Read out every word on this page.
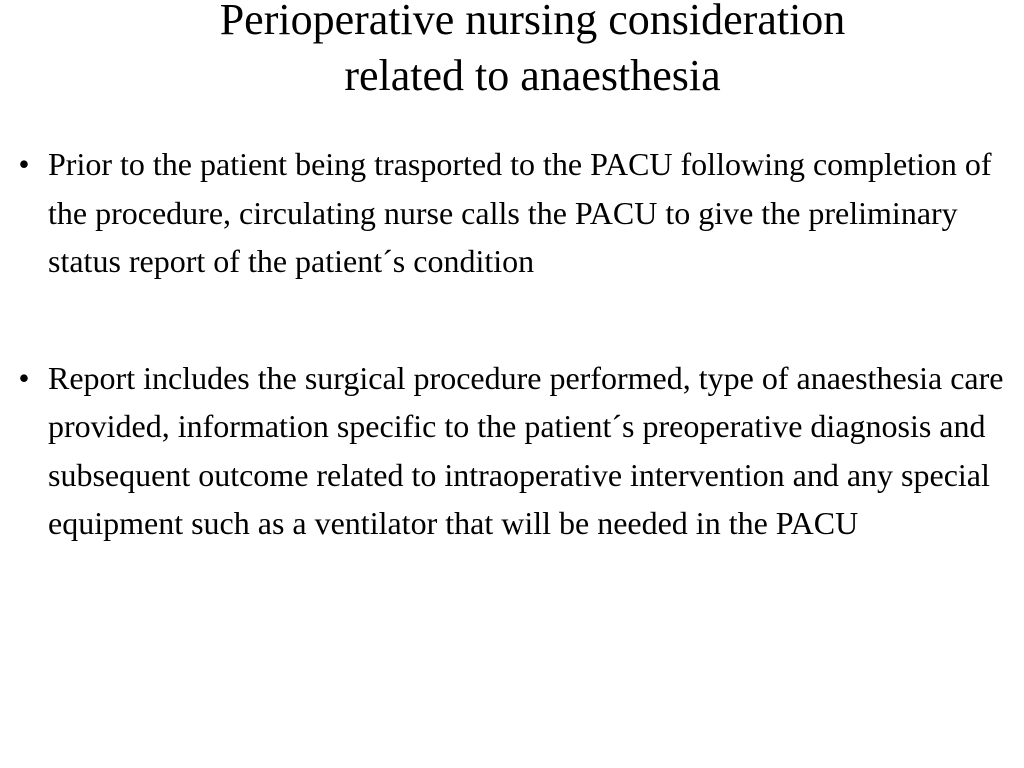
Perioperative nursing consideration
related to anaesthesia
• Prior to the patient being trasported to the PACU following completion of the procedure, circulating nurse calls the PACU to give the preliminary status report of the patient´s condition
• Report includes the surgical procedure performed, type of anaesthesia care provided, information specific to the patient´s preoperative diagnosis and subsequent outcome related to intraoperative intervention and any special equipment such as a ventilator that will be needed in the PACU
